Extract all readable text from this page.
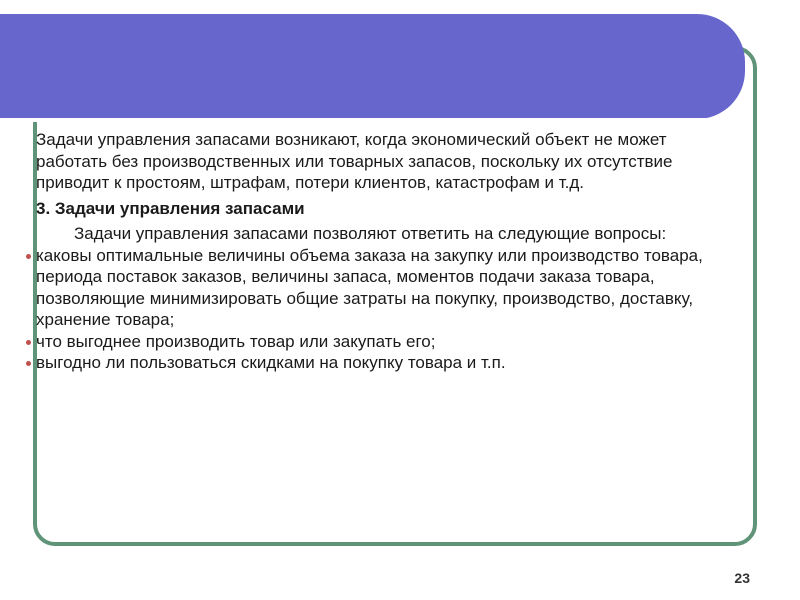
Задачи управления запасами возникают, когда экономический объект не может работать без производственных или товарных запасов, поскольку их отсутствие приводит к простоям, штрафам, потери клиентов, катастрофам и т.д.

3. Задачи управления запасами

Задачи управления запасами позволяют ответить на следующие вопросы:

каковы оптимальные величины объема заказа на закупку или производство товара, периода поставок заказов, величины запаса, моментов подачи заказа товара, позволяющие минимизировать общие затраты на покупку, производство, доставку, хранение товара;
что выгоднее производить товар или закупать его;
выгодно ли пользоваться скидками на покупку товара и т.п.
23
